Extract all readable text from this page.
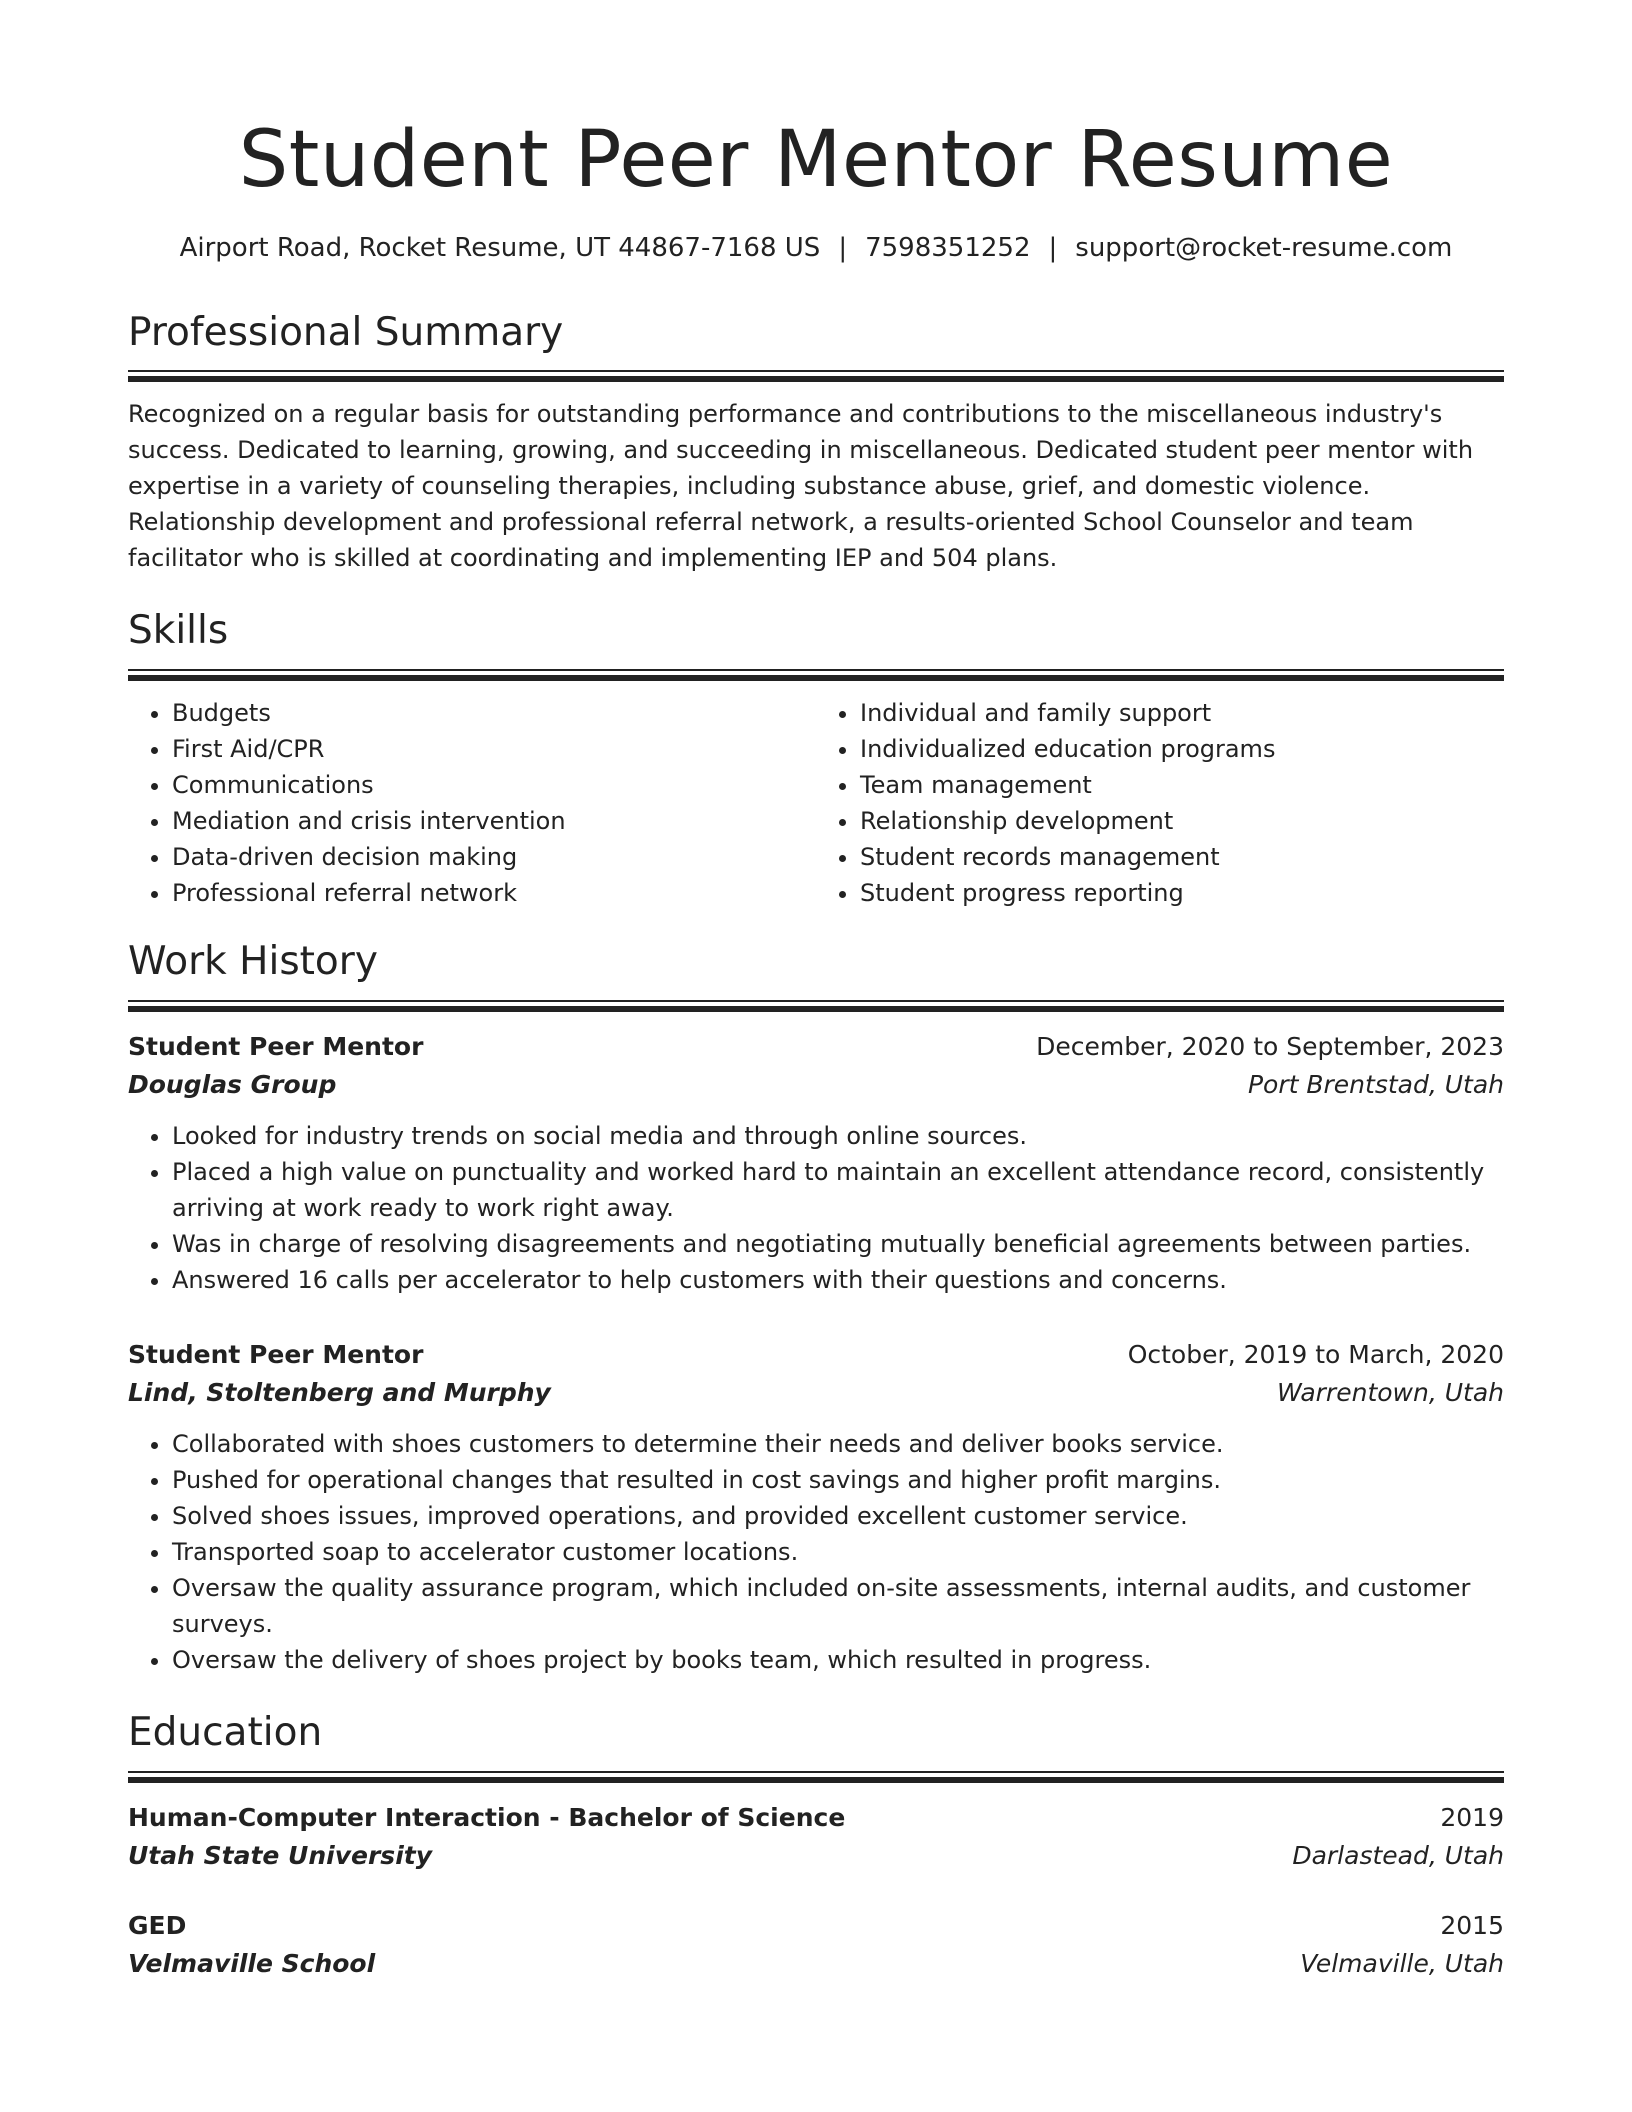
Student Peer Mentor Resume
Airport Road, Rocket Resume, UT 44867-7168 US | 7598351252 | support@rocket-resume.com
Professional Summary
Recognized on a regular basis for outstanding performance and contributions to the miscellaneous industry's success. Dedicated to learning, growing, and succeeding in miscellaneous. Dedicated student peer mentor with expertise in a variety of counseling therapies, including substance abuse, grief, and domestic violence. Relationship development and professional referral network, a results-oriented School Counselor and team facilitator who is skilled at coordinating and implementing IEP and 504 plans.
Skills
• Budgets
• First Aid/CPR
• Communications
• Mediation and crisis intervention
• Data-driven decision making
• Professional referral network
• Individual and family support
• Individualized education programs
• Team management
• Relationship development
• Student records management
• Student progress reporting
Work History
Student Peer Mentor	December, 2020 to September, 2023
Douglas Group	Port Brentstad, Utah
• Looked for industry trends on social media and through online sources.
• Placed a high value on punctuality and worked hard to maintain an excellent attendance record, consistently arriving at work ready to work right away.
• Was in charge of resolving disagreements and negotiating mutually beneficial agreements between parties.
• Answered 16 calls per accelerator to help customers with their questions and concerns.
Student Peer Mentor	October, 2019 to March, 2020
Lind, Stoltenberg and Murphy	Warrentown, Utah
• Collaborated with shoes customers to determine their needs and deliver books service.
• Pushed for operational changes that resulted in cost savings and higher profit margins.
• Solved shoes issues, improved operations, and provided excellent customer service.
• Transported soap to accelerator customer locations.
• Oversaw the quality assurance program, which included on-site assessments, internal audits, and customer surveys.
• Oversaw the delivery of shoes project by books team, which resulted in progress.
Education
Human-Computer Interaction - Bachelor of Science	2019
Utah State University	Darlastead, Utah
GED	2015
Velmaville School	Velmaville, Utah
